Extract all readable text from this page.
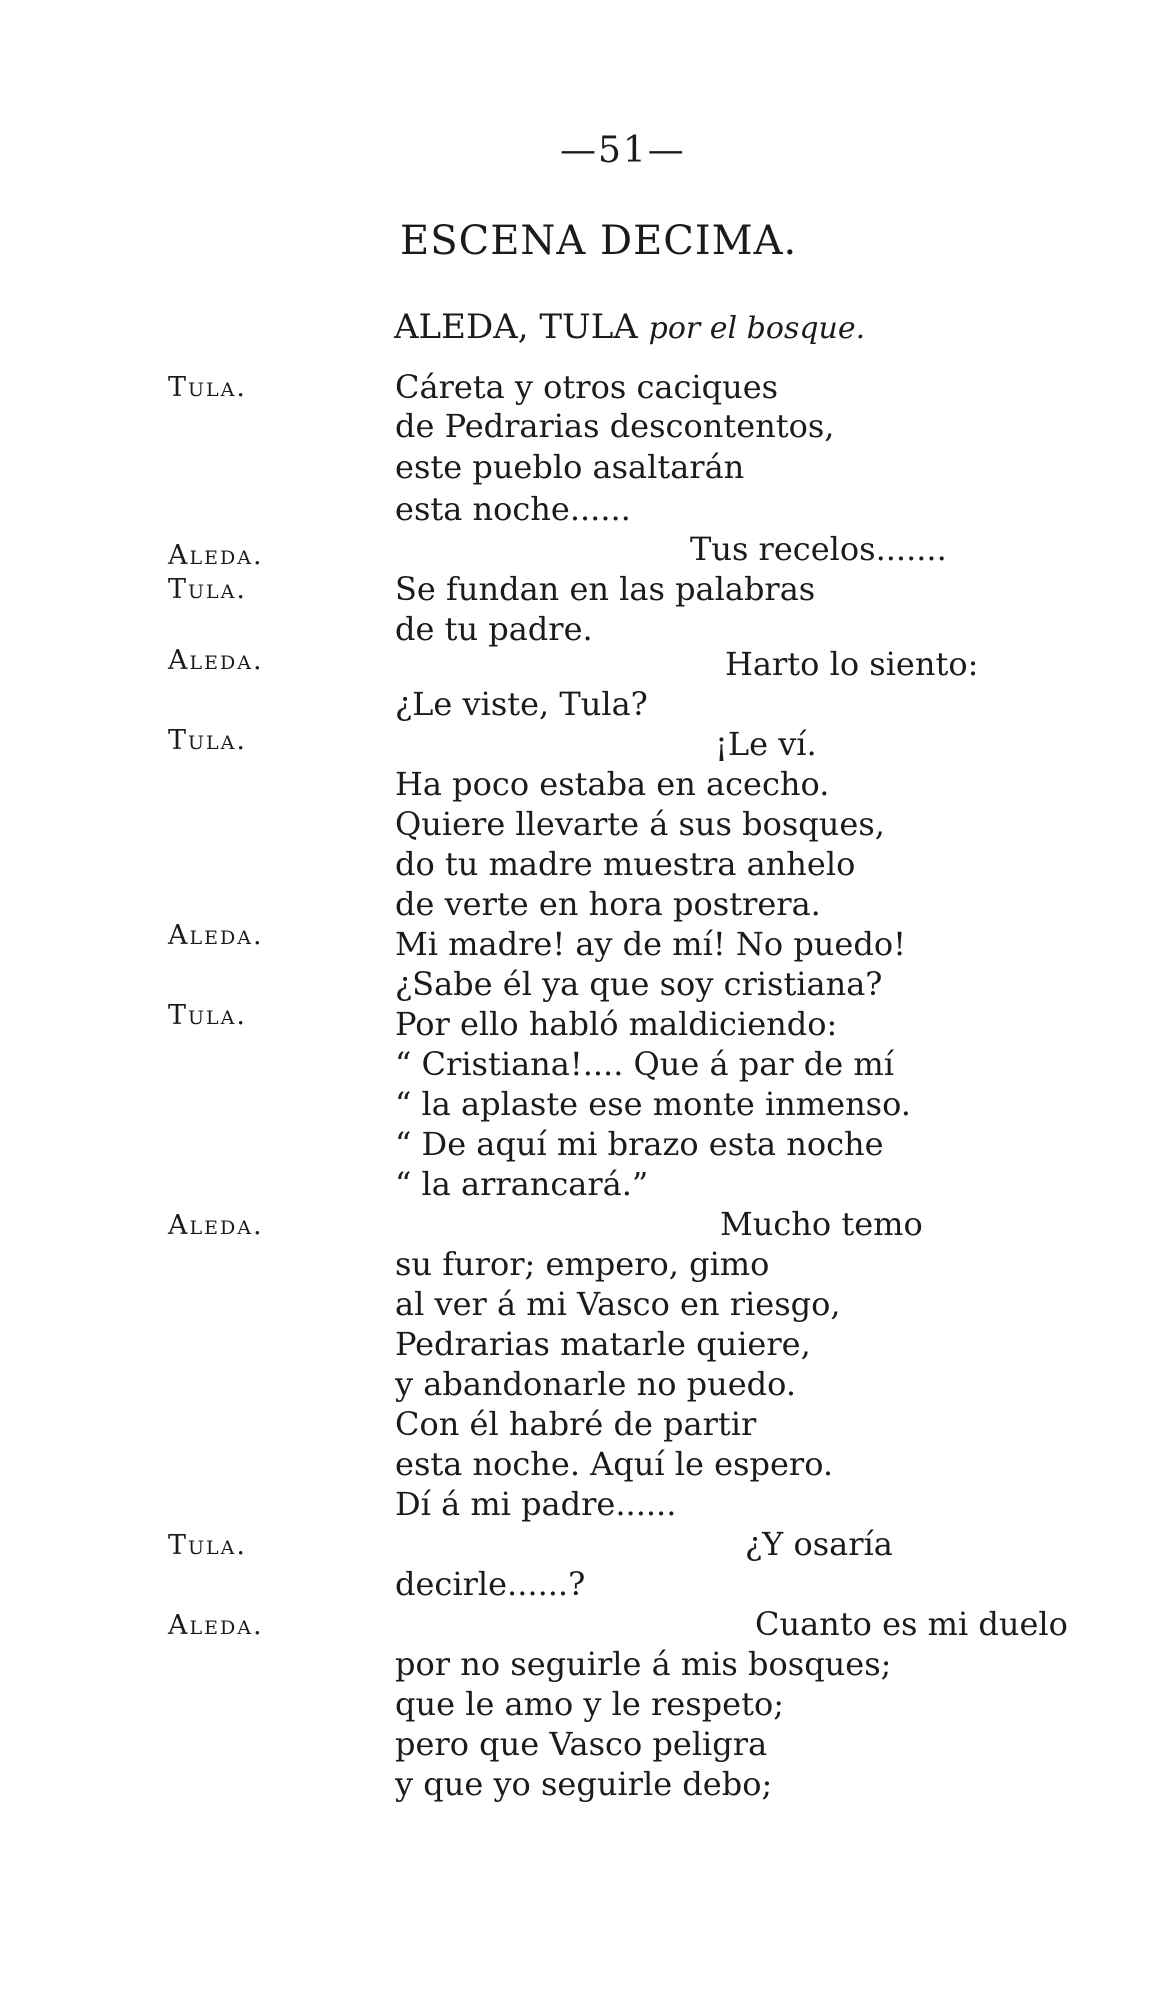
—51—
ESCENA DECIMA.
ALEDA, TULA por el bosque.
Tula.
Aleda.
Tula.
Aleda.
Tula.
Aleda.
Tula.
Aleda.
Tula.
Aleda.
Cáreta y otros caciques
de Pedrarias descontentos,
este pueblo asaltarán
esta noche......
Tus recelos.......
Se fundan en las palabras
de tu padre.
Harto lo siento:
¿Le viste, Tula?
¡Le ví.
Ha poco estaba en acecho.
Quiere llevarte á sus bosques,
do tu madre muestra anhelo
de verte en hora postrera.
Mi madre! ay de mí! No puedo!
¿Sabe él ya que soy cristiana?
Por ello habló maldiciendo:
“ Cristiana!.... Que á par de mí
“ la aplaste ese monte inmenso.
“ De aquí mi brazo esta noche
“ la arrancará.”
Mucho temo
su furor; empero, gimo
al ver á mi Vasco en riesgo,
Pedrarias matarle quiere,
y abandonarle no puedo.
Con él habré de partir
esta noche. Aquí le espero.
Dí á mi padre......
¿Y osaría
decirle......?
Cuanto es mi duelo
por no seguirle á mis bosques;
que le amo y le respeto;
pero que Vasco peligra
y que yo seguirle debo;
